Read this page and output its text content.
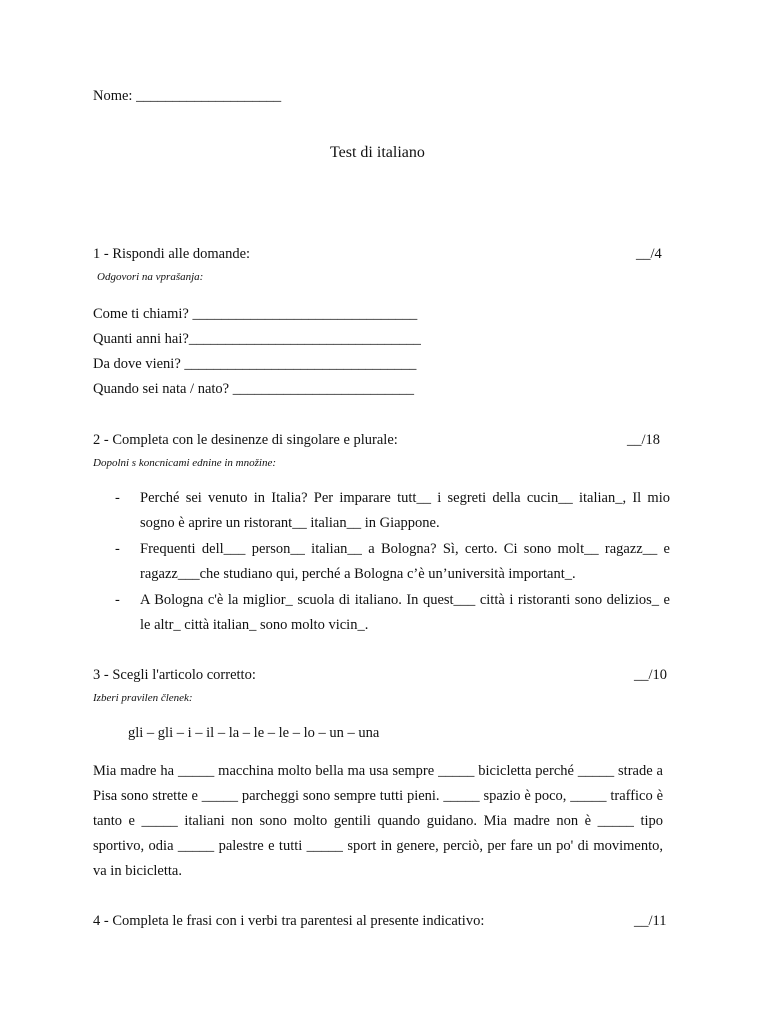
Nome: ____________________
Test di italiano
1 - Rispondi alle domande:	__/4
Odgovori na vprašanja:
Come ti chiami? _______________________________
Quanti anni hai?________________________________
Da dove vieni? ________________________________
Quando sei nata / nato? _________________________
2 - Completa con le desinenze di singolare e plurale:	__/18
Dopolni s koncnicami ednine in množine:
- Perché sei venuto in Italia? Per imparare tutt__ i segreti della cucin__ italian_, Il mio sogno è aprire un ristorant__ italian__ in Giappone.
- Frequenti dell___ person__ italian__ a Bologna? Sì, certo. Ci sono molt__ ragazz__ e ragazz___che studiano qui, perché a Bologna c’è un’università important_.
- A Bologna c'è la miglior_ scuola di italiano. In quest___ città i ristoranti sono delizios_ e le altr_ città italian_ sono molto vicin_.
3 - Scegli l'articolo corretto:	__/10
Izberi pravilen členek:
gli – gli – i – il – la – le – le – lo – un – una
Mia madre ha _____ macchina molto bella ma usa sempre _____ bicicletta perché _____ strade a Pisa sono strette e _____ parcheggi sono sempre tutti pieni. _____ spazio è poco, _____ traffico è tanto e _____ italiani non sono molto gentili quando guidano. Mia madre non è _____ tipo sportivo, odia _____ palestre e tutti _____ sport in genere, perciò, per fare un po' di movimento, va in bicicletta.
4 - Completa le frasi con i verbi tra parentesi al presente indicativo:	__/11
